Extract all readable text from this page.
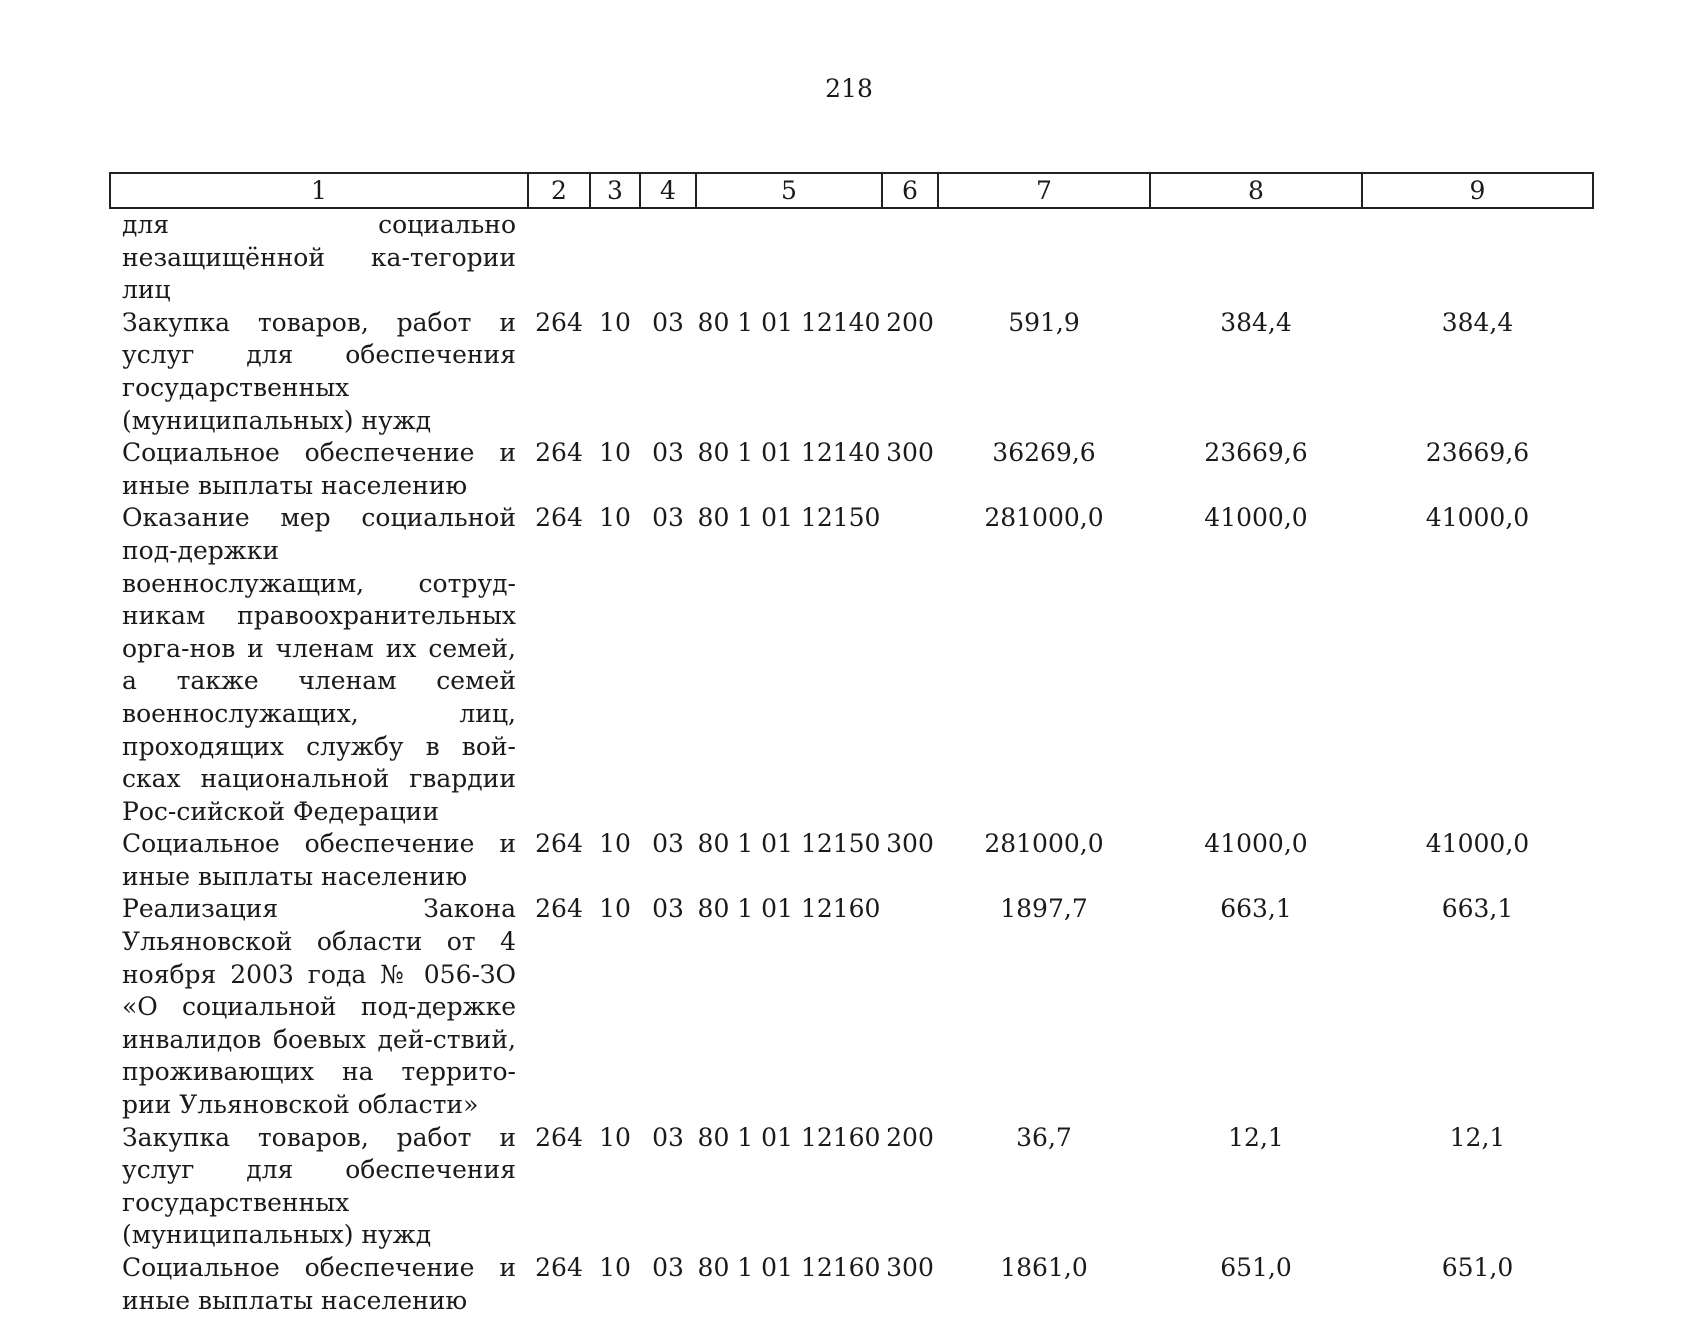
218
1	2	3	4	5	6	7	8	9
для социально незащищённой ка-тегории лиц								
Закупка товаров, работ и услуг для обеспечения государственных (муниципальных) нужд	264	10	03	80 1 01 12140	200	591,9	384,4	384,4
Социальное обеспечение и иные выплаты населению	264	10	03	80 1 01 12140	300	36269,6	23669,6	23669,6
Оказание мер социальной под-держки военнослужащим, сотруд-никам правоохранительных орга-нов и членам их семей, а также членам семей военнослужащих, лиц, проходящих службу в вой-сках национальной гвардии Рос-сийской Федерации	264	10	03	80 1 01 12150		281000,0	41000,0	41000,0
Социальное обеспечение и иные выплаты населению	264	10	03	80 1 01 12150	300	281000,0	41000,0	41000,0
Реализация Закона Ульяновской области от 4 ноября 2003 года № 056-ЗО «О социальной под-держке инвалидов боевых дей-ствий, проживающих на террито-рии Ульяновской области»	264	10	03	80 1 01 12160		1897,7	663,1	663,1
Закупка товаров, работ и услуг для обеспечения государственных (муниципальных) нужд	264	10	03	80 1 01 12160	200	36,7	12,1	12,1
Социальное обеспечение и иные выплаты населению	264	10	03	80 1 01 12160	300	1861,0	651,0	651,0
